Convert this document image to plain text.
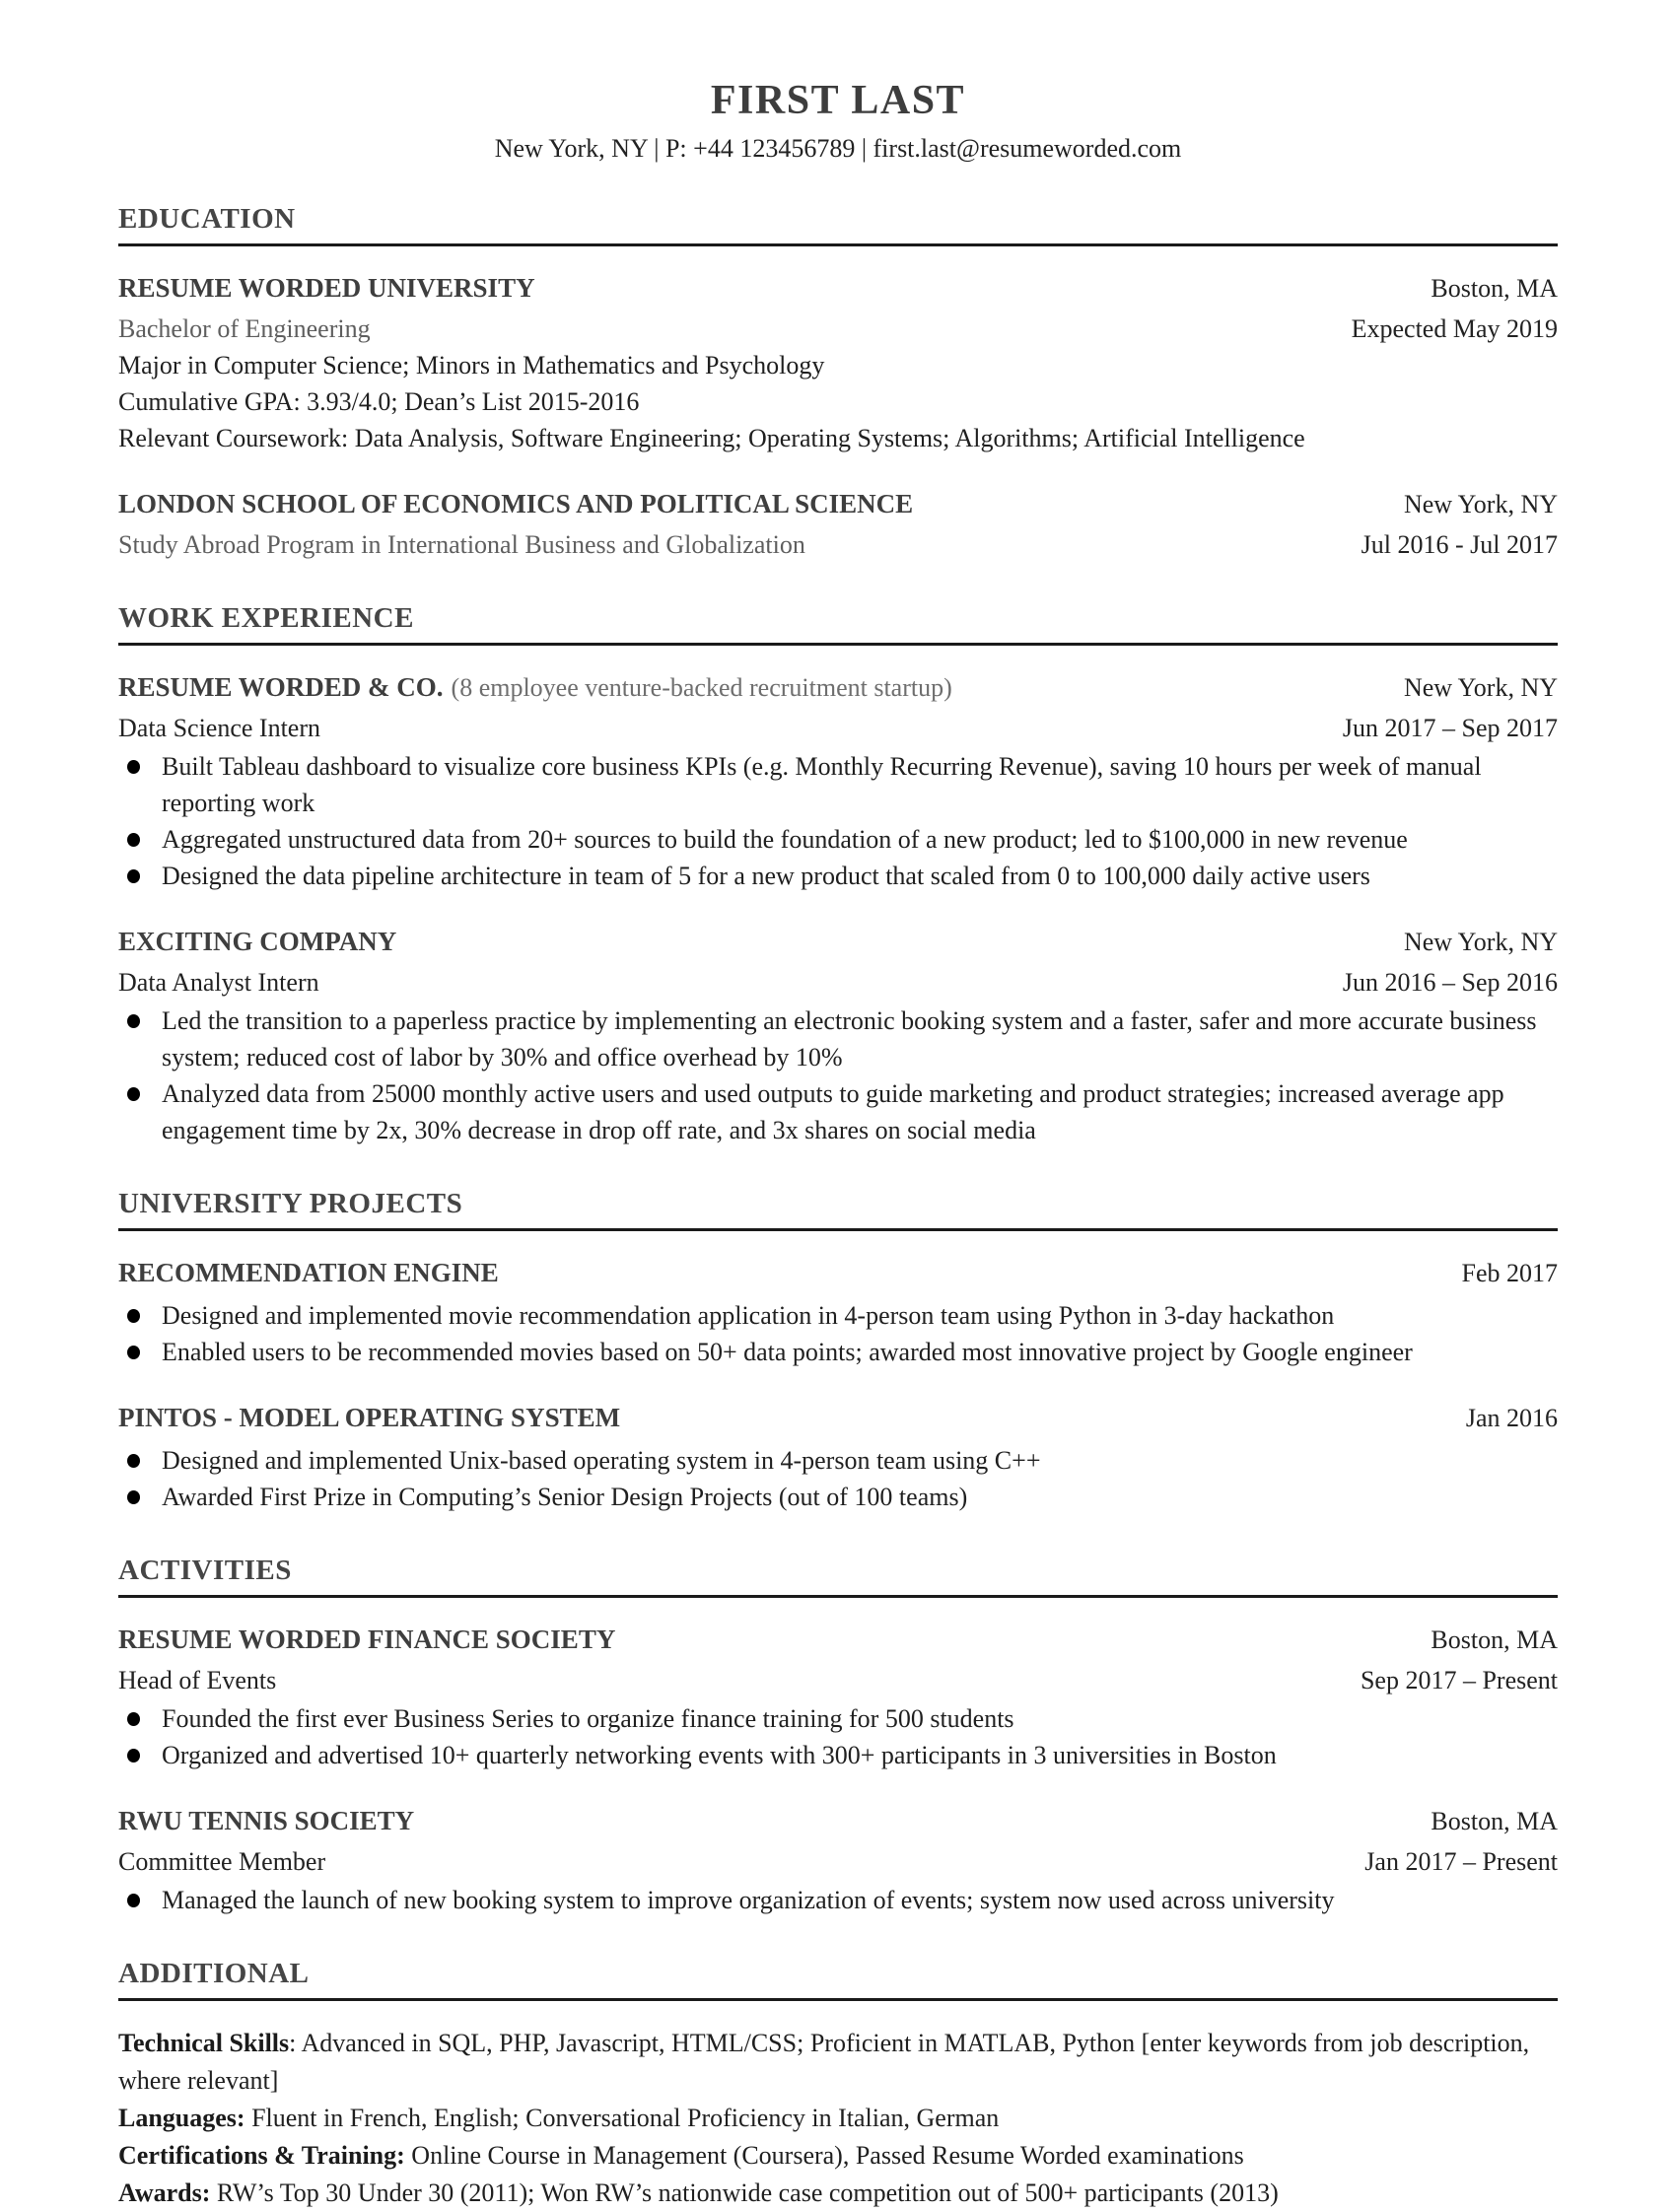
FIRST LAST
New York, NY | P: +44 123456789 | first.last@resumeworded.com
EDUCATION
RESUME WORDED UNIVERSITY	Boston, MA
Bachelor of Engineering	Expected May 2019
Major in Computer Science; Minors in Mathematics and Psychology
Cumulative GPA: 3.93/4.0; Dean’s List 2015-2016
Relevant Coursework: Data Analysis, Software Engineering; Operating Systems; Algorithms; Artificial Intelligence
LONDON SCHOOL OF ECONOMICS AND POLITICAL SCIENCE	New York, NY
Study Abroad Program in International Business and Globalization	Jul 2016 - Jul 2017
WORK EXPERIENCE
RESUME WORDED & CO. (8 employee venture-backed recruitment startup)	New York, NY
Data Science Intern	Jun 2017 – Sep 2017
Built Tableau dashboard to visualize core business KPIs (e.g. Monthly Recurring Revenue), saving 10 hours per week of manual reporting work
Aggregated unstructured data from 20+ sources to build the foundation of a new product; led to $100,000 in new revenue
Designed the data pipeline architecture in team of 5 for a new product that scaled from 0 to 100,000 daily active users
EXCITING COMPANY	New York, NY
Data Analyst Intern	Jun 2016 – Sep 2016
Led the transition to a paperless practice by implementing an electronic booking system and a faster, safer and more accurate business system; reduced cost of labor by 30% and office overhead by 10%
Analyzed data from 25000 monthly active users and used outputs to guide marketing and product strategies; increased average app engagement time by 2x, 30% decrease in drop off rate, and 3x shares on social media
UNIVERSITY PROJECTS
RECOMMENDATION ENGINE	Feb 2017
Designed and implemented movie recommendation application in 4-person team using Python in 3-day hackathon
Enabled users to be recommended movies based on 50+ data points; awarded most innovative project by Google engineer
PINTOS - MODEL OPERATING SYSTEM	Jan 2016
Designed and implemented Unix-based operating system in 4-person team using C++
Awarded First Prize in Computing’s Senior Design Projects (out of 100 teams)
ACTIVITIES
RESUME WORDED FINANCE SOCIETY	Boston, MA
Head of Events	Sep 2017 – Present
Founded the first ever Business Series to organize finance training for 500 students
Organized and advertised 10+ quarterly networking events with 300+ participants in 3 universities in Boston
RWU TENNIS SOCIETY	Boston, MA
Committee Member	Jan 2017 – Present
Managed the launch of new booking system to improve organization of events; system now used across university
ADDITIONAL

Technical Skills: Advanced in SQL, PHP, Javascript, HTML/CSS; Proficient in MATLAB, Python [enter keywords from job description, where relevant]

Languages: Fluent in French, English; Conversational Proficiency in Italian, German

Certifications & Training: Online Course in Management (Coursera), Passed Resume Worded examinations

Awards: RW’s Top 30 Under 30 (2011); Won RW’s nationwide case competition out of 500+ participants (2013)
